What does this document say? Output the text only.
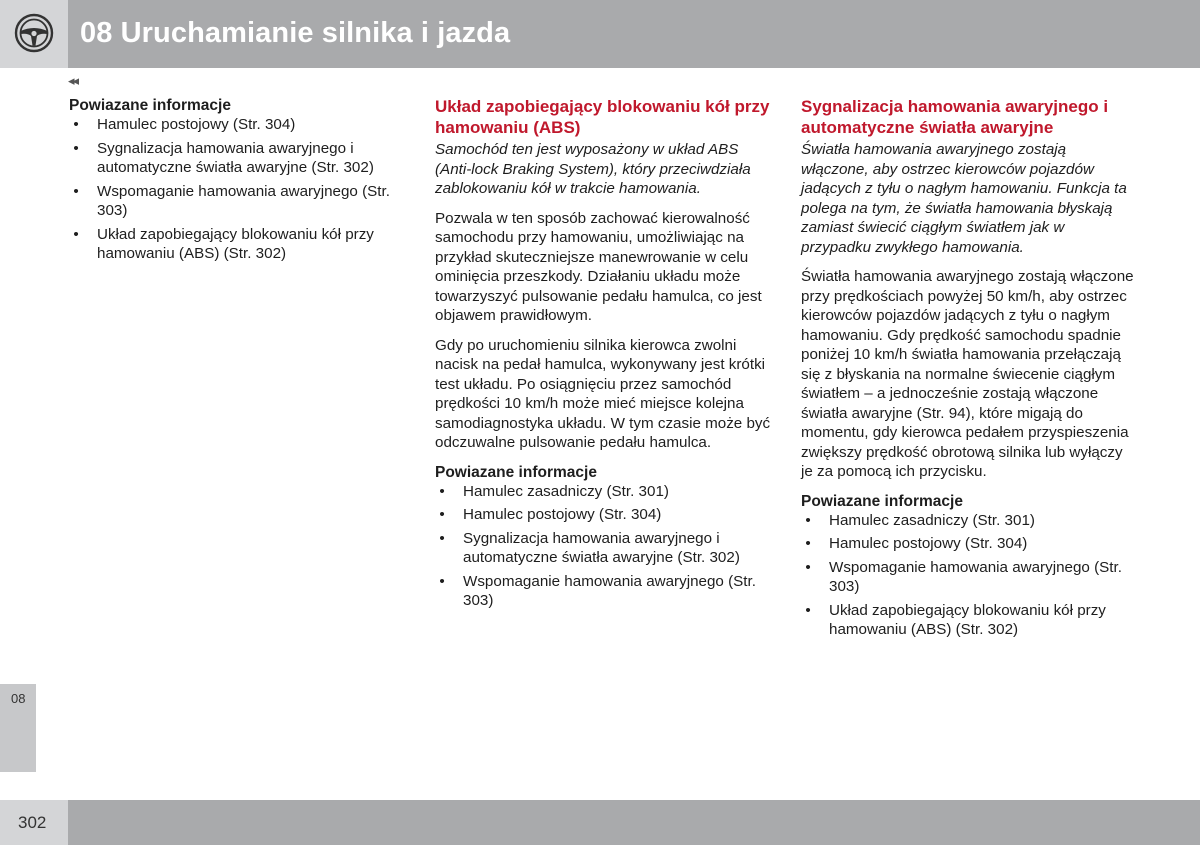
08 Uruchamianie silnika i jazda
◂◂
Powiazane informacje
• Hamulec postojowy (Str. 304)
• Sygnalizacja hamowania awaryjnego i automatyczne światła awaryjne (Str. 302)
• Wspomaganie hamowania awaryjnego (Str. 303)
• Układ zapobiegający blokowaniu kół przy hamowaniu (ABS) (Str. 302)
Układ zapobiegający blokowaniu kół przy hamowaniu (ABS)
Samochód ten jest wyposażony w układ ABS (Anti-lock Braking System), który przeciwdziała zablokowaniu kół w trakcie hamowania.
Pozwala w ten sposób zachować kierowalność samochodu przy hamowaniu, umożliwiając na przykład skuteczniejsze manewrowanie w celu ominięcia przeszkody. Działaniu układu może towarzyszyć pulsowanie pedału hamulca, co jest objawem prawidłowym.
Gdy po uruchomieniu silnika kierowca zwolni nacisk na pedał hamulca, wykonywany jest krótki test układu. Po osiągnięciu przez samochód prędkości 10 km/h może mieć miejsce kolejna samodiagnostyka układu. W tym czasie może być odczuwalne pulsowanie pedału hamulca.
Powiazane informacje
• Hamulec zasadniczy (Str. 301)
• Hamulec postojowy (Str. 304)
• Sygnalizacja hamowania awaryjnego i automatyczne światła awaryjne (Str. 302)
• Wspomaganie hamowania awaryjnego (Str. 303)
Sygnalizacja hamowania awaryjnego i automatyczne światła awaryjne
Światła hamowania awaryjnego zostają włączone, aby ostrzec kierowców pojazdów jadących z tyłu o nagłym hamowaniu. Funkcja ta polega na tym, że światła hamowania błyskają zamiast świecić ciągłym światłem jak w przypadku zwykłego hamowania.
Światła hamowania awaryjnego zostają włączone przy prędkościach powyżej 50 km/h, aby ostrzec kierowców pojazdów jadących z tyłu o nagłym hamowaniu. Gdy prędkość samochodu spadnie poniżej 10 km/h światła hamowania przełączają się z błyskania na normalne świecenie ciągłym światłem – a jednocześnie zostają włączone światła awaryjne (Str. 94), które migają do momentu, gdy kierowca pedałem przyspieszenia zwiększy prędkość obrotową silnika lub wyłączy je za pomocą ich przycisku.
Powiazane informacje
• Hamulec zasadniczy (Str. 301)
• Hamulec postojowy (Str. 304)
• Wspomaganie hamowania awaryjnego (Str. 303)
• Układ zapobiegający blokowaniu kół przy hamowaniu (ABS) (Str. 302)
08
302
